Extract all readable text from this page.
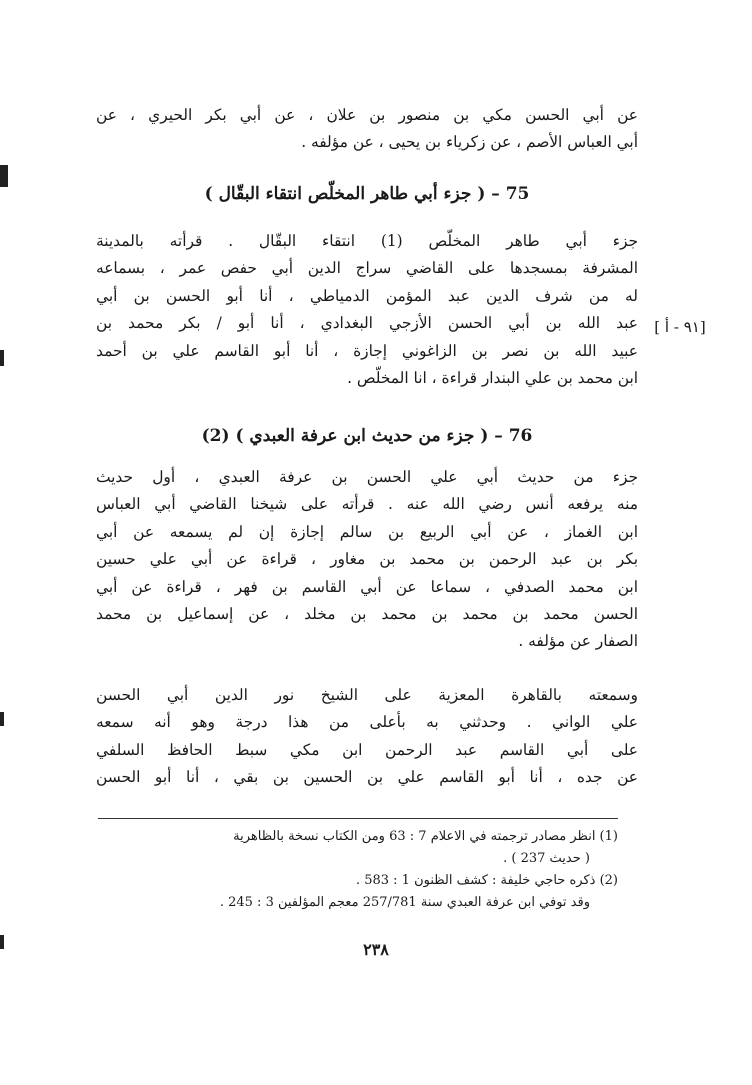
عن أبي الحسن مكي بن منصور بن علان ، عن أبي بكر الحيري ، عن
أبي العباس الأصم ، عن زكرياء بن يحيى ، عن مؤلفه .
75 – ( جزء أبي طاهر المخلّص انتقاء البقّال )
جزء أبي طاهر المخلّص (1) انتقاء البقّال . قرأته بالمدينة
المشرفة بمسجدها على القاضي سراج الدين أبي حفص عمر ، بسماعه
له من شرف الدين عبد المؤمن الدمياطي ، أنا أبو الحسن بن أبي
عبد الله بن أبي الحسن الأزجي البغدادي ، أنا أبو / بكر محمد بن
عبيد الله بن نصر بن الزاغوني إجازة ، أنا أبو القاسم علي بن أحمد
ابن محمد بن علي البندار قراءة ، انا المخلّص .
[٩١ - أ ]
76 – ( جزء من حديث ابن عرفة العبدي ) (2)
جزء من حديث أبي علي الحسن بن عرفة العبدي ، أول حديث
منه يرفعه أنس رضي الله عنه . قرأته على شيخنا القاضي أبي العباس
ابن الغماز ، عن أبي الربيع بن سالم إجازة إن لم يسمعه عن أبي
بكر بن عبد الرحمن بن محمد بن مغاور ، قراءة عن أبي علي حسين
ابن محمد الصدفي ، سماعا عن أبي القاسم بن فهر ، قراءة عن أبي
الحسن محمد بن محمد بن محمد بن مخلد ، عن إسماعيل بن محمد
الصفار عن مؤلفه .
وسمعته بالقاهرة المعزية على الشيخ نور الدين أبي الحسن
علي الواني . وحدثني به بأعلى من هذا درجة وهو أنه سمعه
على أبي القاسم عبد الرحمن ابن مكي سبط الحافظ السلفي
عن جده ، أنا أبو القاسم علي بن الحسين بن بقي ، أنا أبو الحسن
(1) انظر مصادر ترجمته في الاعلام 7 : 63 ومن الكتاب نسخة بالظاهرية
( حديث 237 ) .
(2) ذكره حاجي خليفة : كشف الظنون 1 : 583 .
وقد توفي ابن عرفة العبدي سنة 257/781 معجم المؤلفين 3 : 245 .
٢٣٨
